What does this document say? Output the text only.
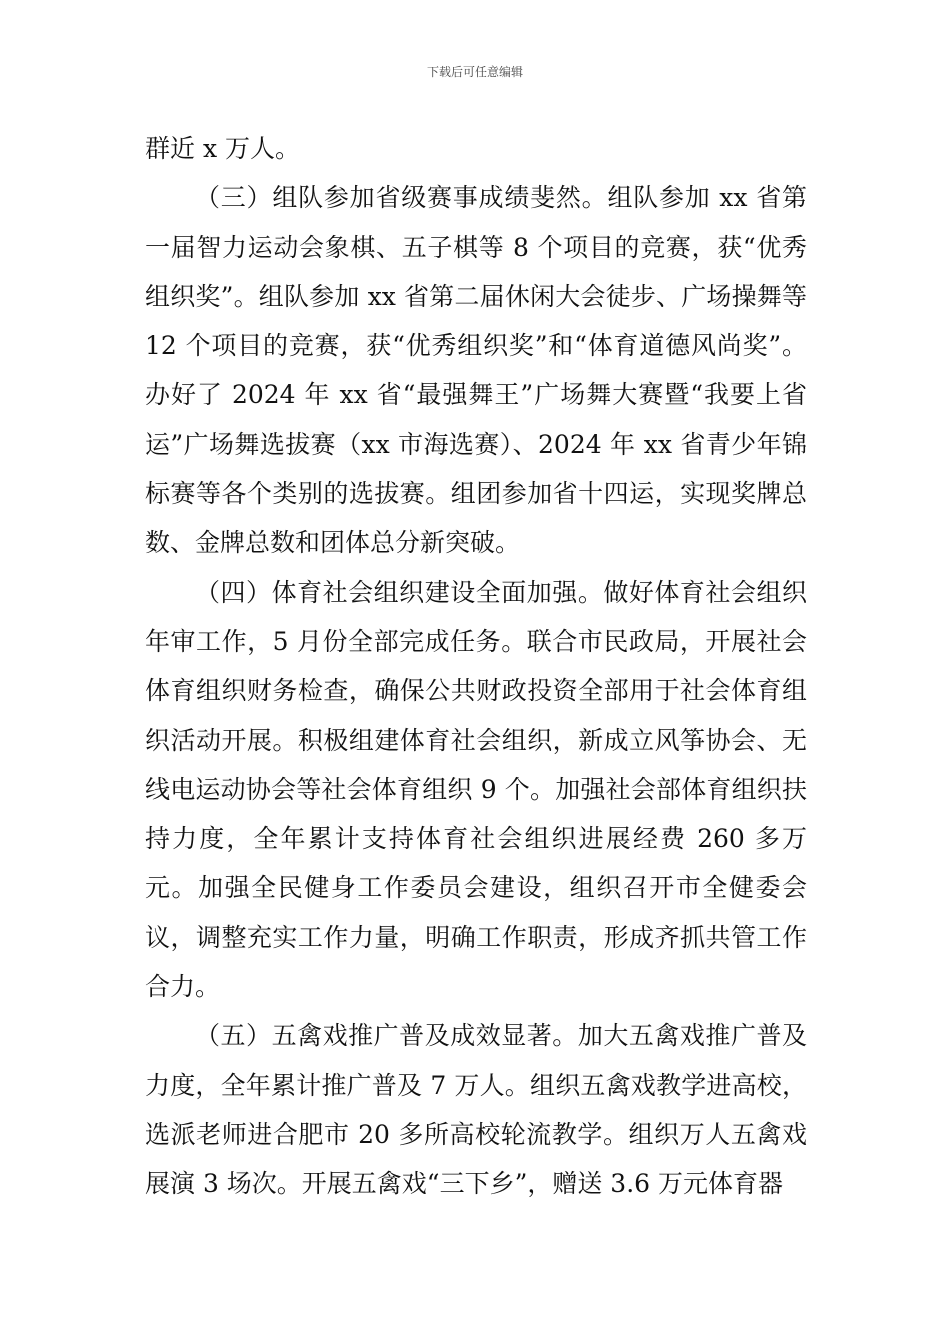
下载后可任意编辑

群近 x 万人。

（三）组队参加省级赛事成绩斐然。组队参加 xx 省第一届智力运动会象棋、五子棋等 8 个项目的竞赛，获“优秀组织奖”。组队参加 xx 省第二届休闲大会徒步、广场操舞等 12 个项目的竞赛，获“优秀组织奖”和“体育道德风尚奖”。办好了 2024 年 xx 省“最强舞王”广场舞大赛暨“我要上省运”广场舞选拔赛（xx 市海选赛）、2024 年 xx 省青少年锦标赛等各个类别的选拔赛。组团参加省十四运，实现奖牌总数、金牌总数和团体总分新突破。

（四）体育社会组织建设全面加强。做好体育社会组织年审工作，5 月份全部完成任务。联合市民政局，开展社会体育组织财务检查，确保公共财政投资全部用于社会体育组织活动开展。积极组建体育社会组织，新成立风筝协会、无线电运动协会等社会体育组织 9 个。加强社会部体育组织扶持力度，全年累计支持体育社会组织进展经费 260 多万元。加强全民健身工作委员会建设，组织召开市全健委会议，调整充实工作力量，明确工作职责，形成齐抓共管工作合力。

（五）五禽戏推广普及成效显著。加大五禽戏推广普及力度，全年累计推广普及 7 万人。组织五禽戏教学进高校，选派老师进合肥市 20 多所高校轮流教学。组织万人五禽戏展演 3 场次。开展五禽戏“三下乡”，赠送 3.6 万元体育器
